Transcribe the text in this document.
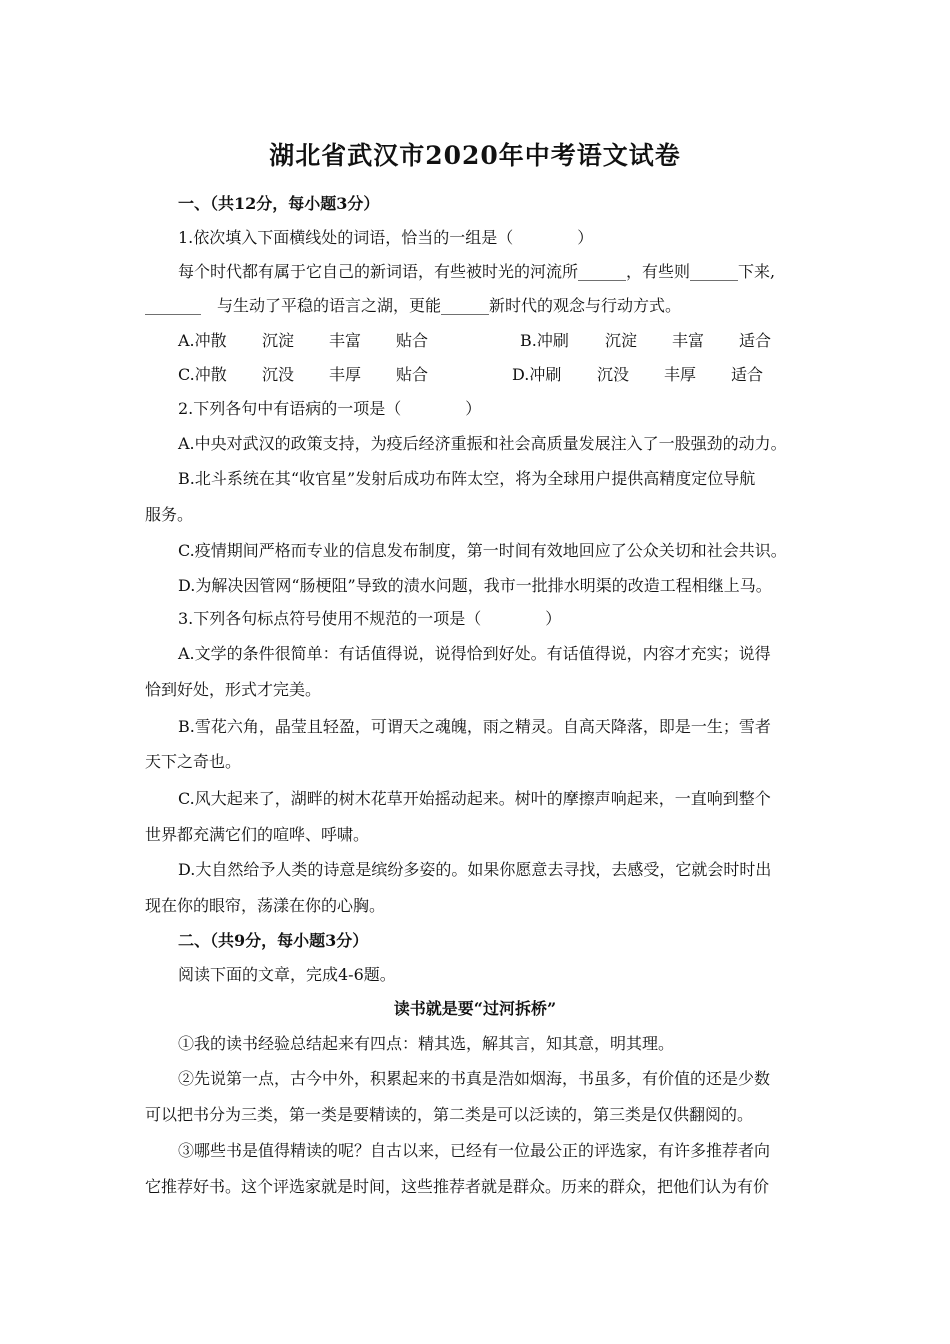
湖北省武汉市2020年中考语文试卷
一、（共12分，每小题3分）
1.依次填入下面横线处的词语，恰当的一组是（　　　　）
每个时代都有属于它自己的新词语，有些被时光的河流所______，有些则______下来,
_______　与生动了平稳的语言之湖，更能______新时代的观念与行动方式。
A.冲散 沉淀 丰富 贴合	B.冲刷 沉淀 丰富 适合
C.冲散 沉没 丰厚 贴合	D.冲刷 沉没 丰厚 适合
2.下列各句中有语病的一项是（　　　　）
A.中央对武汉的政策支持，为疫后经济重振和社会高质量发展注入了一股强劲的动力。
B.北斗系统在其“收官星”发射后成功布阵太空，将为全球用户提供高精度定位导航
服务。
C.疫情期间严格而专业的信息发布制度，第一时间有效地回应了公众关切和社会共识。
D.为解决因管网“肠梗阻”导致的渍水问题，我市一批排水明渠的改造工程相继上马。
3.下列各句标点符号使用不规范的一项是（　　　　）
A.文学的条件很简单：有话值得说，说得恰到好处。有话值得说，内容才充实；说得
恰到好处，形式才完美。
B.雪花六角，晶莹且轻盈，可谓天之魂魄，雨之精灵。自高天降落，即是一生；雪者
天下之奇也。
C.风大起来了，湖畔的树木花草开始摇动起来。树叶的摩擦声响起来，一直响到整个
世界都充满它们的喧哗、呼啸。
D.大自然给予人类的诗意是缤纷多姿的。如果你愿意去寻找，去感受，它就会时时出
现在你的眼帘，荡漾在你的心胸。
二、（共9分，每小题3分）
阅读下面的文章，完成4-6题。
读书就是要“过河拆桥”
①我的读书经验总结起来有四点：精其选，解其言，知其意，明其理。
②先说第一点，古今中外，积累起来的书真是浩如烟海，书虽多，有价值的还是少数
可以把书分为三类，第一类是要精读的，第二类是可以泛读的，第三类是仅供翻阅的。
③哪些书是值得精读的呢？自古以来，已经有一位最公正的评选家，有许多推荐者向
它推荐好书。这个评选家就是时间，这些推荐者就是群众。历来的群众，把他们认为有价
